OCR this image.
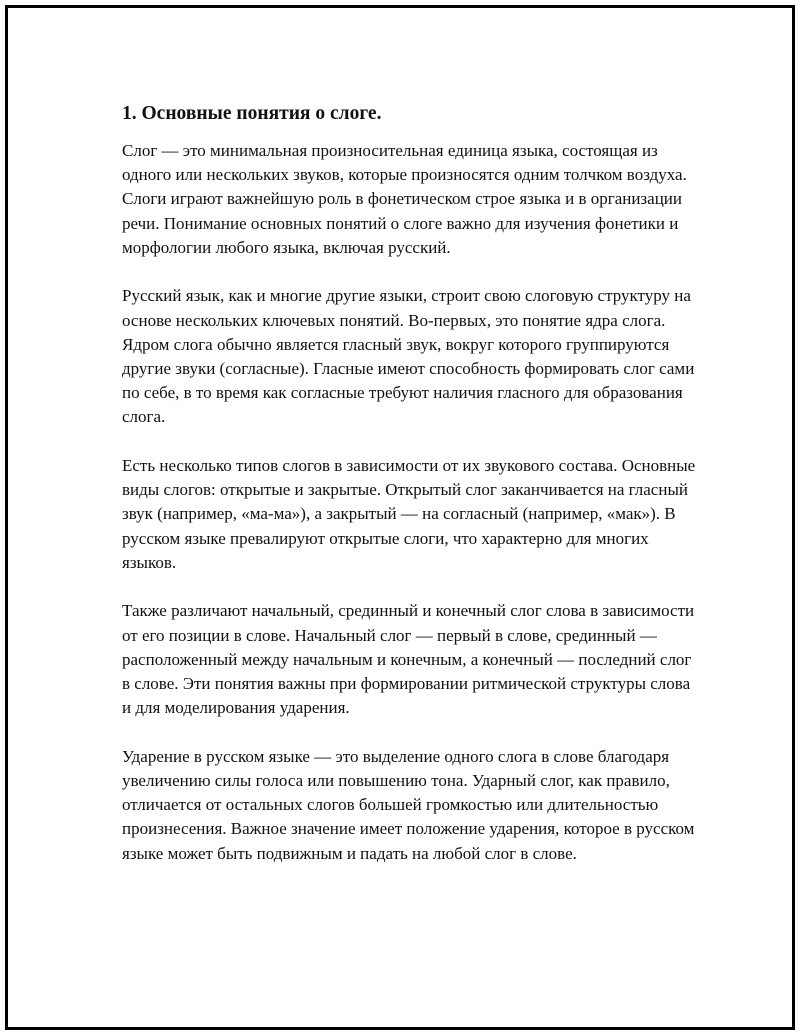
1. Основные понятия о слоге.

Слог — это минимальная произносительная единица языка, состоящая из одного или нескольких звуков, которые произносятся одним толчком воздуха. Слоги играют важнейшую роль в фонетическом строе языка и в организации речи. Понимание основных понятий о слоге важно для изучения фонетики и морфологии любого языка, включая русский.

Русский язык, как и многие другие языки, строит свою слоговую структуру на основе нескольких ключевых понятий. Во-первых, это понятие ядра слога. Ядром слога обычно является гласный звук, вокруг которого группируются другие звуки (согласные). Гласные имеют способность формировать слог сами по себе, в то время как согласные требуют наличия гласного для образования слога.

Есть несколько типов слогов в зависимости от их звукового состава. Основные виды слогов: открытые и закрытые. Открытый слог заканчивается на гласный звук (например, «ма-ма»), а закрытый — на согласный (например, «мак»). В русском языке превалируют открытые слоги, что характерно для многих языков.

Также различают начальный, срединный и конечный слог слова в зависимости от его позиции в слове. Начальный слог — первый в слове, срединный — расположенный между начальным и конечным, а конечный — последний слог в слове. Эти понятия важны при формировании ритмической структуры слова и для моделирования ударения.

Ударение в русском языке — это выделение одного слога в слове благодаря увеличению силы голоса или повышению тона. Ударный слог, как правило, отличается от остальных слогов большей громкостью или длительностью произнесения. Важное значение имеет положение ударения, которое в русском языке может быть подвижным и падать на любой слог в слове.
